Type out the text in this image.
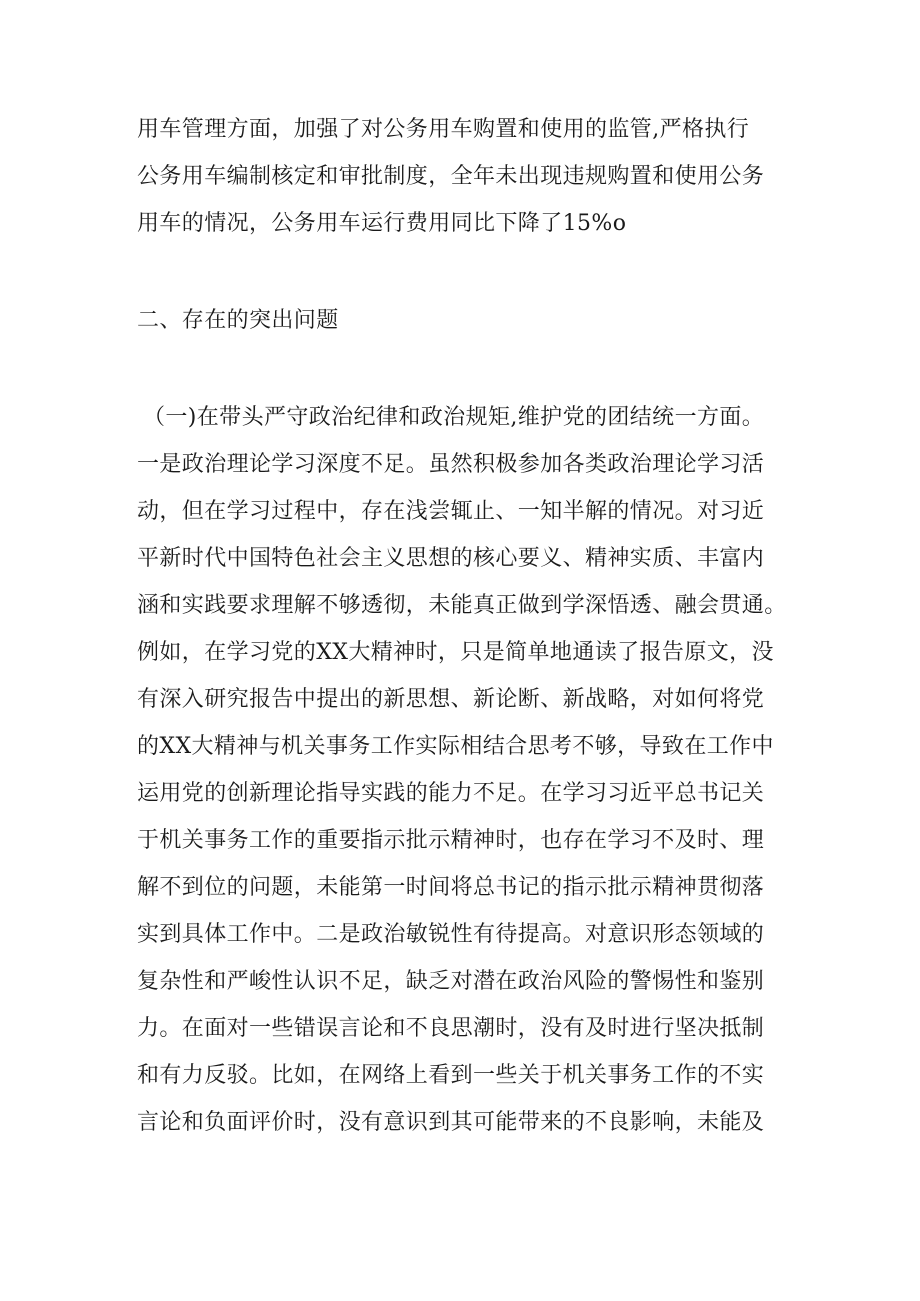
用车管理方面，加强了对公务用车购置和使用的监管,严格执行
公务用车编制核定和审批制度，全年未出现违规购置和使用公务
用车的情况，公务用车运行费用同比下降了15%o
二、存在的突出问题
（一)在带头严守政治纪律和政治规矩,维护党的团结统一方面。
一是政治理论学习深度不足。虽然积极参加各类政治理论学习活
动，但在学习过程中，存在浅尝辄止、一知半解的情况。对习近
平新时代中国特色社会主义思想的核心要义、精神实质、丰富内
涵和实践要求理解不够透彻，未能真正做到学深悟透、融会贯通。
例如，在学习党的XX大精神时，只是简单地通读了报告原文，没
有深入研究报告中提出的新思想、新论断、新战略，对如何将党
的XX大精神与机关事务工作实际相结合思考不够，导致在工作中
运用党的创新理论指导实践的能力不足。在学习习近平总书记关
于机关事务工作的重要指示批示精神时，也存在学习不及时、理
解不到位的问题，未能第一时间将总书记的指示批示精神贯彻落
实到具体工作中。二是政治敏锐性有待提高。对意识形态领域的
复杂性和严峻性认识不足，缺乏对潜在政治风险的警惕性和鉴别
力。在面对一些错误言论和不良思潮时，没有及时进行坚决抵制
和有力反驳。比如，在网络上看到一些关于机关事务工作的不实
言论和负面评价时，没有意识到其可能带来的不良影响，未能及
